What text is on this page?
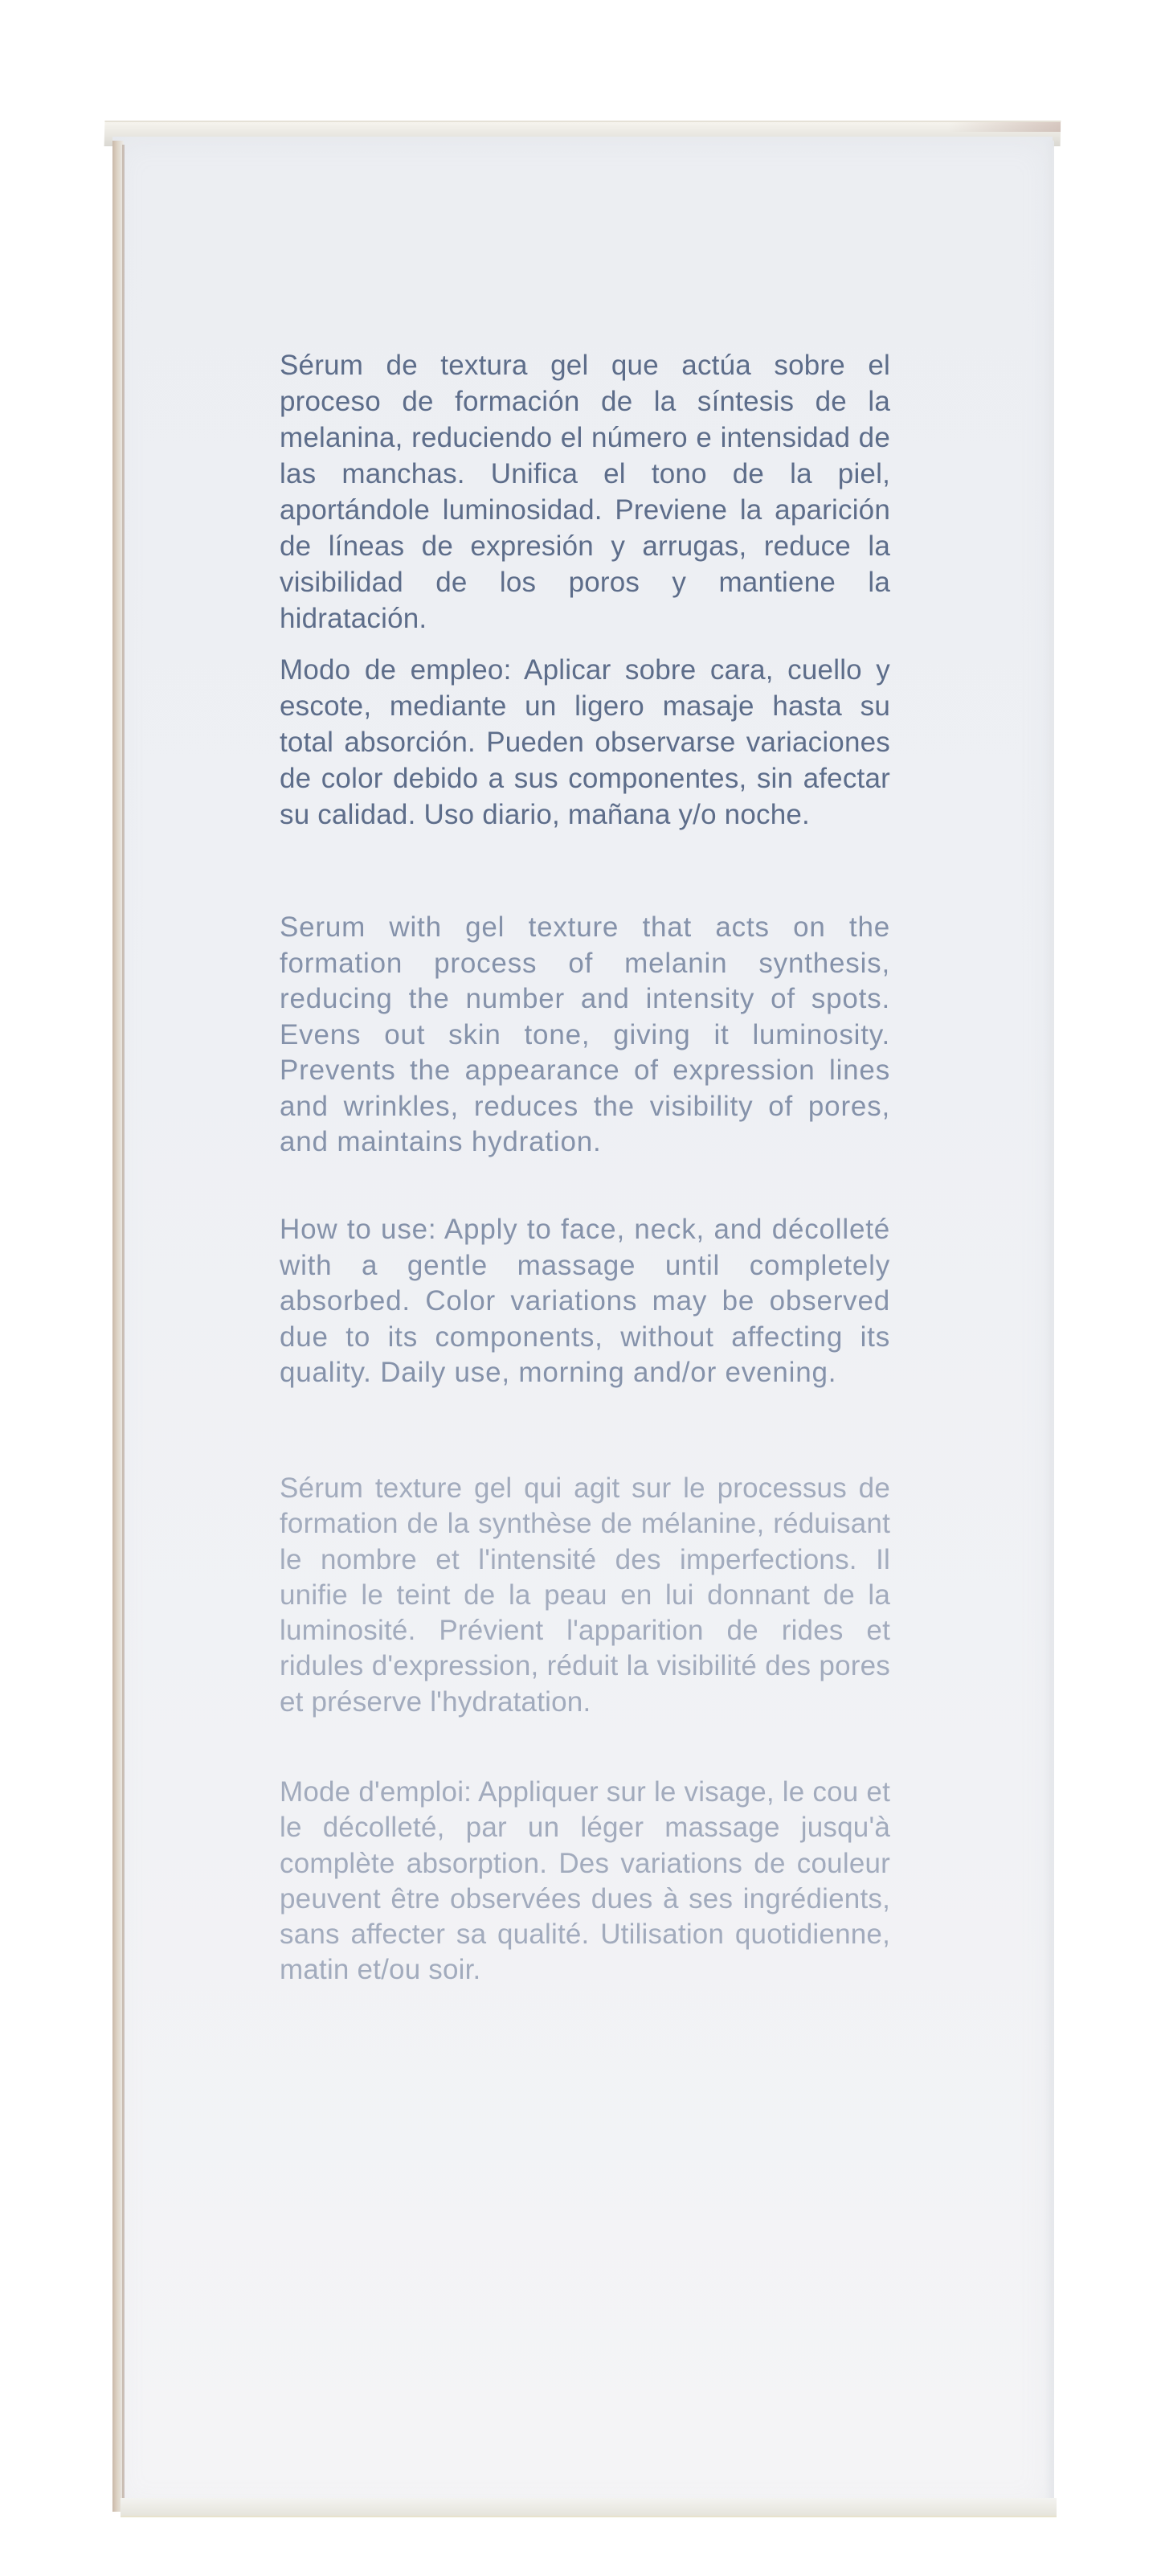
Sérum de textura gel que actúa sobre el proceso de formación de la síntesis de la melanina, reduciendo el número e intensidad de las manchas. Unifica el tono de la piel, aportándole luminosidad. Previene la aparición de líneas de expresión y arrugas, reduce la visibilidad de los poros y mantiene la hidratación.

Modo de empleo: Aplicar sobre cara, cuello y escote, mediante un ligero masaje hasta su total absorción. Pueden observarse variaciones de color debido a sus componentes, sin afectar su calidad. Uso diario, mañana y/o noche.

Serum with gel texture that acts on the formation process of melanin synthesis, reducing the number and intensity of spots. Evens out skin tone, giving it luminosity. Prevents the appearance of expression lines and wrinkles, reduces the visibility of pores, and maintains hydration.

How to use: Apply to face, neck, and décolleté with a gentle massage until completely absorbed. Color variations may be observed due to its components, without affecting its quality. Daily use, morning and/or evening.

Sérum texture gel qui agit sur le processus de formation de la synthèse de mélanine, réduisant le nombre et l'intensité des imperfections. Il unifie le teint de la peau en lui donnant de la luminosité. Prévient l'apparition de rides et ridules d'expression, réduit la visibilité des pores et préserve l'hydratation.

Mode d'emploi: Appliquer sur le visage, le cou et le décolleté, par un léger massage jusqu'à complète absorption. Des variations de couleur peuvent être observées dues à ses ingrédients, sans affecter sa qualité. Utilisation quotidienne, matin et/ou soir.
